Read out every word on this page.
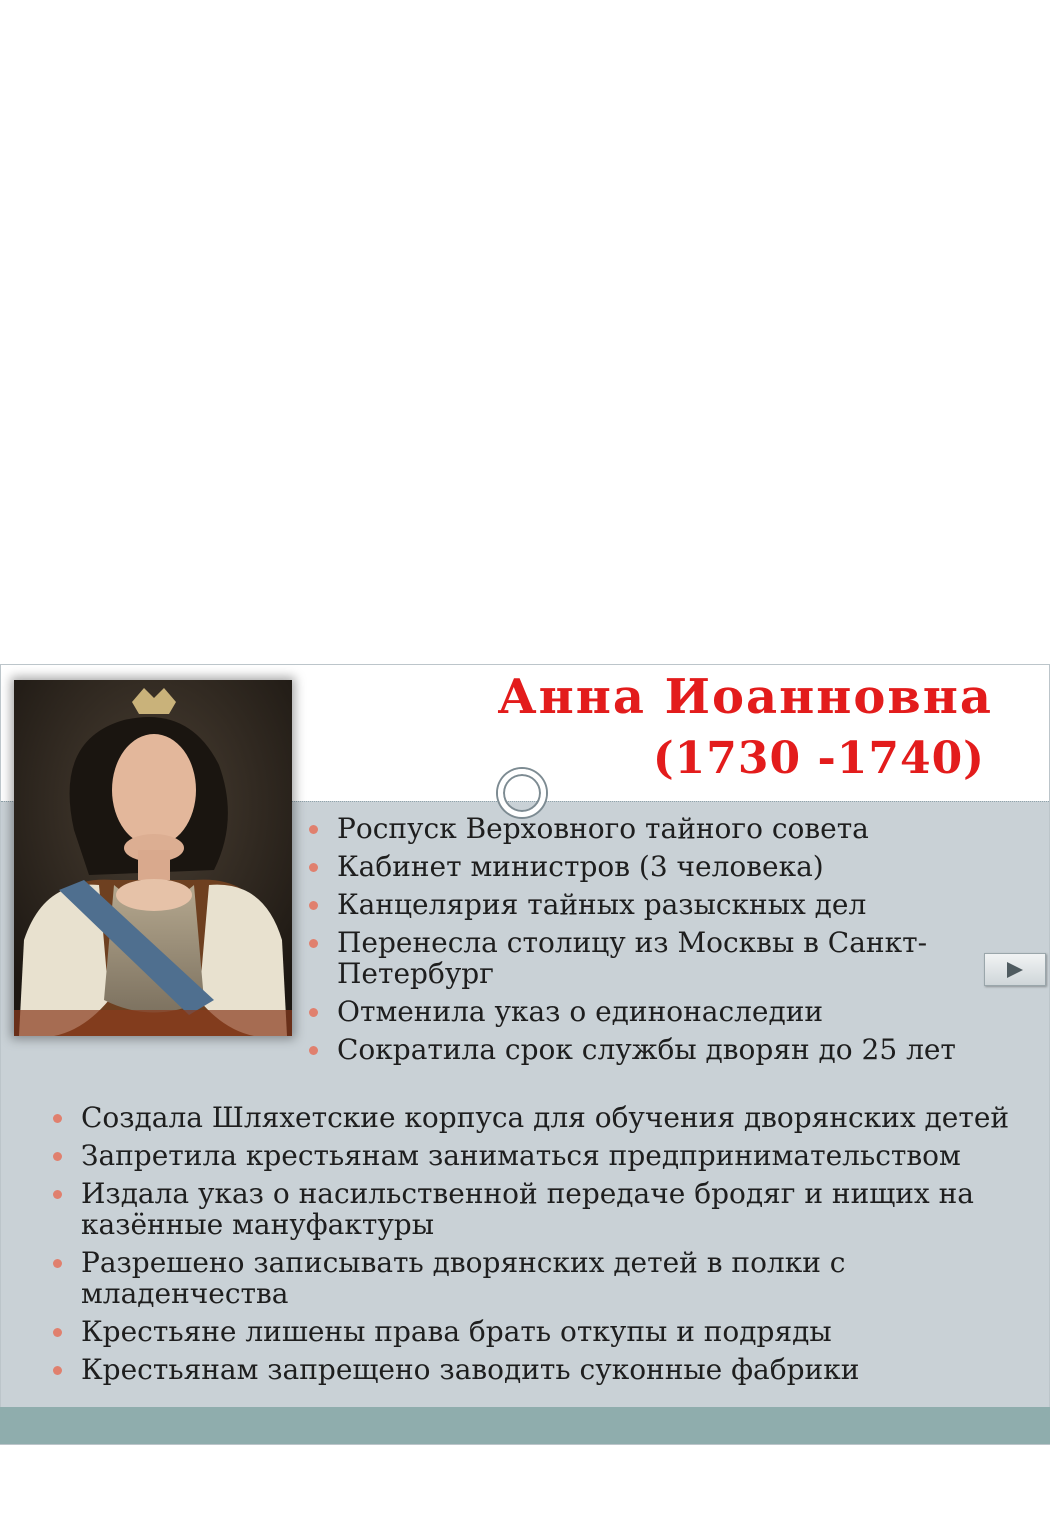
Анна Иоанновна
(1730 -1740)
Роспуск Верховного тайного совета
Кабинет министров (3 человека)
Канцелярия тайных разыскных дел
Перенесла столицу из Москвы в Санкт-Петербург
Отменила указ о единонаследии
Сократила срок службы дворян до 25 лет
Создала Шляхетские корпуса для обучения дворянских детей
Запретила крестьянам заниматься предпринимательством
Издала указ о насильственной передаче бродяг и нищих на казённые мануфактуры
Разрешено записывать дворянских детей в полки с младенчества
Крестьяне лишены права брать откупы и подряды
Крестьянам запрещено заводить суконные фабрики
